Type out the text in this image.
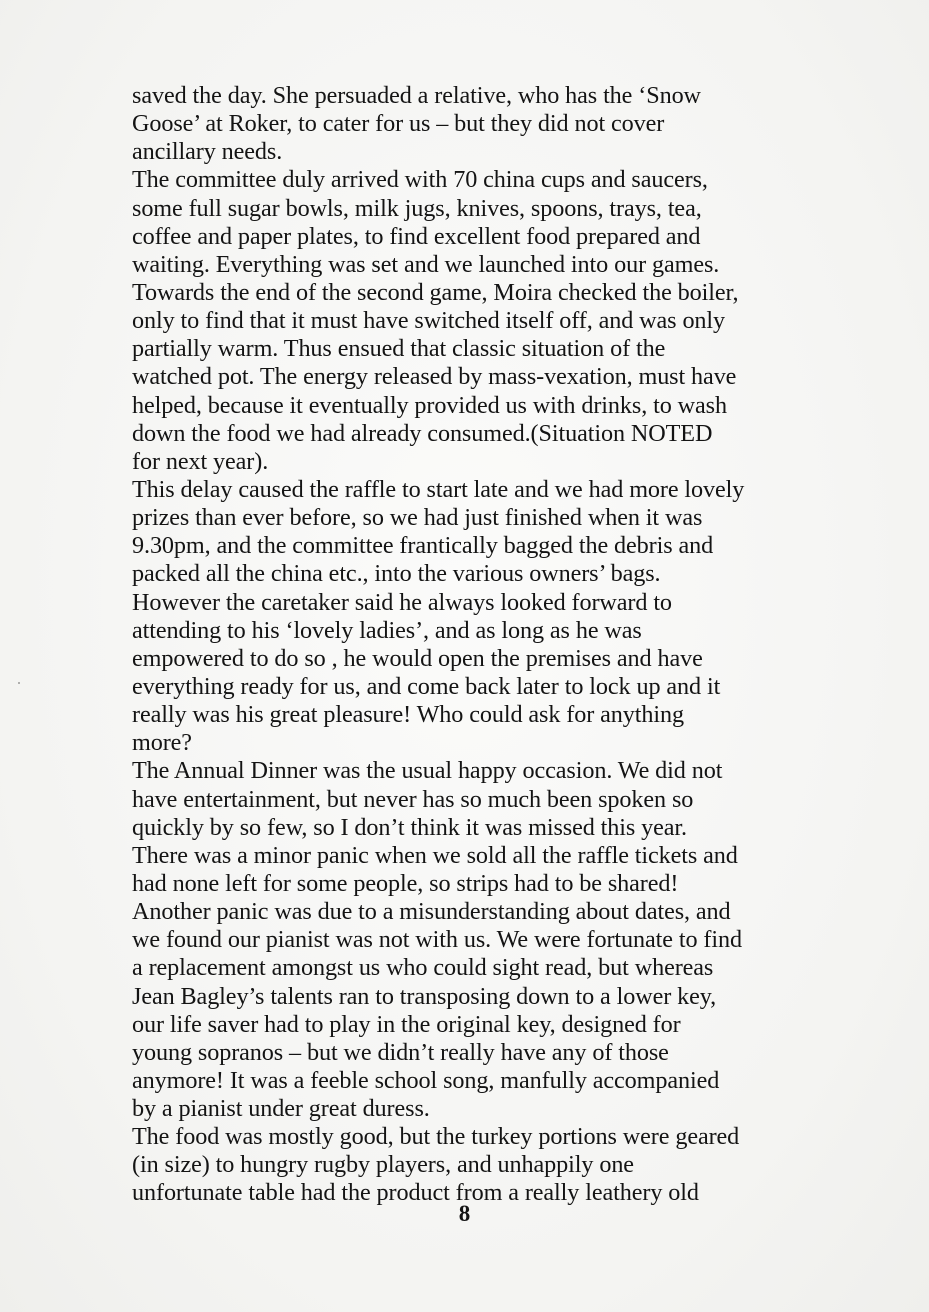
saved the day. She persuaded a relative, who has the ‘Snow
Goose’ at Roker, to cater for us – but they did not cover
ancillary needs.
The committee duly arrived with 70 china cups and saucers,
some full sugar bowls, milk jugs, knives, spoons, trays, tea,
coffee and paper plates, to find excellent food prepared and
waiting. Everything was set and we launched into our games.
Towards the end of the second game, Moira checked the boiler,
only to find that it must have switched itself off, and was only
partially warm. Thus ensued that classic situation of the
watched pot. The energy released by mass-vexation, must have
helped, because it eventually provided us with drinks, to wash
down the food we had already consumed.(Situation NOTED
for next year).
This delay caused the raffle to start late and we had more lovely
prizes than ever before, so we had just finished when it was
9.30pm, and the committee frantically bagged the debris and
packed all the china etc., into the various owners’ bags.
However the caretaker said he always looked forward to
attending to his ‘lovely ladies’, and as long as he was
empowered to do so , he would open the premises and have
everything ready for us, and come back later to lock up and it
really was his great pleasure! Who could ask for anything
more?
The Annual Dinner was the usual happy occasion. We did not
have entertainment, but never has so much been spoken so
quickly by so few, so I don’t think it was missed this year.
There was a minor panic when we sold all the raffle tickets and
had none left for some people, so strips had to be shared!
Another panic was due to a misunderstanding about dates, and
we found our pianist was not with us. We were fortunate to find
a replacement amongst us who could sight read, but whereas
Jean Bagley’s talents ran to transposing down to a lower key,
our life saver had to play in the original key, designed for
young sopranos – but we didn’t really have any of those
anymore! It was a feeble school song, manfully accompanied
by a pianist under great duress.
The food was mostly good, but the turkey portions were geared
(in size) to hungry rugby players, and unhappily one
unfortunate table had the product from a really leathery old
8
